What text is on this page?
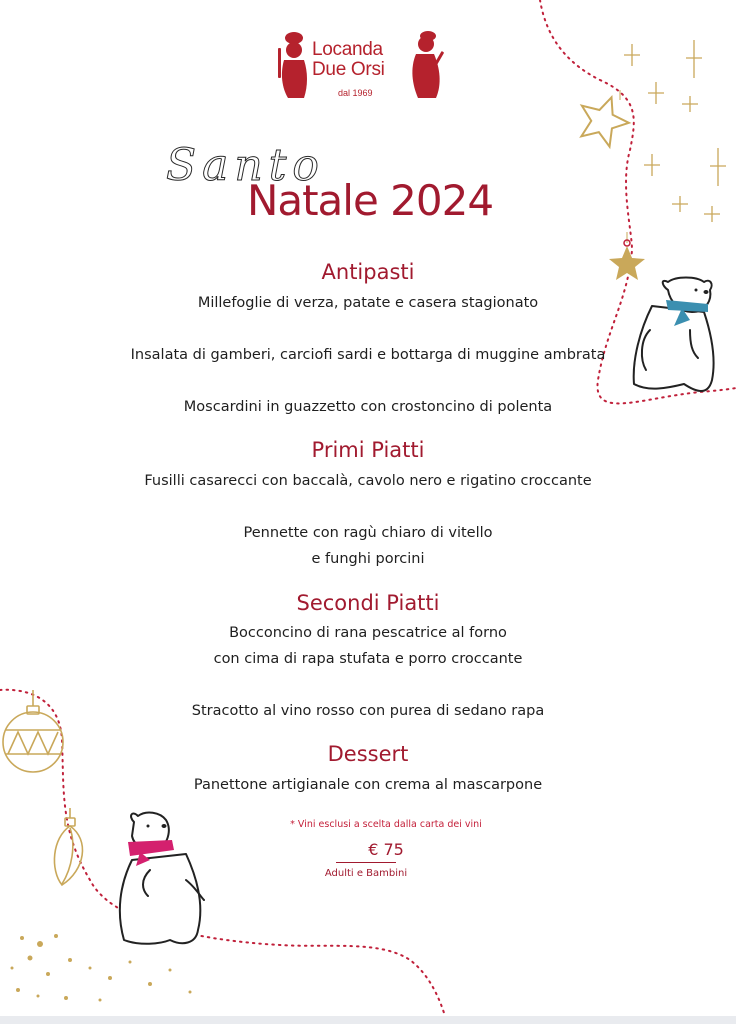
Locanda
Due Orsi
dal 1969
Santo
Natale 2024
Antipasti
Millefoglie di verza, patate e casera stagionato
Insalata di gamberi, carciofi sardi e bottarga di muggine ambrata
Moscardini in guazzetto con crostoncino di polenta
Primi Piatti
Fusilli casarecci con baccalà, cavolo nero e rigatino croccante
Pennette con ragù chiaro di vitello
e funghi porcini
Secondi Piatti
Bocconcino di rana pescatrice al forno
con cima di rapa stufata e porro croccante
Stracotto al vino rosso con purea di sedano rapa
Dessert
Panettone artigianale con crema al mascarpone
* Vini esclusi a scelta dalla carta dei vini
€ 75
Adulti e Bambini
